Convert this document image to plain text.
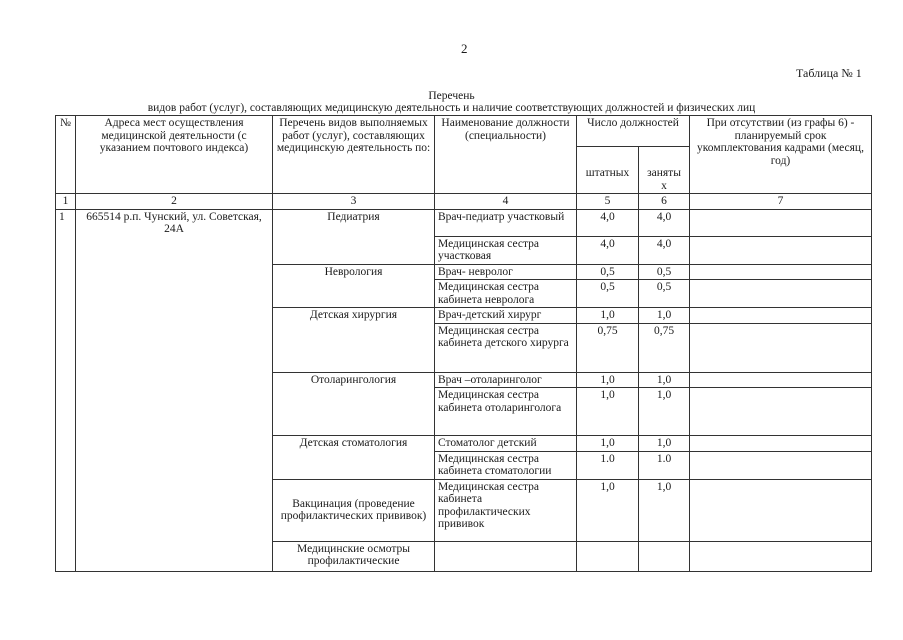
2
Таблица № 1
Перечень
видов работ (услуг), составляющих медицинскую деятельность и наличие соответствующих должностей и физических лиц
№	Адреса мест осуществления медицинской деятельности (с указанием почтового индекса)	Перечень видов выполняемых работ (услуг), составляющих медицинскую деятельность по:	Наименование должности (специальности)	Число должностей		При отсутствии (из графы 6) - планируемый срок укомплектования кадрами (месяц, год)
				штатных	заняты
х	
1	2	3	4	5	6	7
1	665514 р.п. Чунский, ул. Советская, 24А	Педиатрия	Врач-педиатр участковый	4,0	4,0	
			Медицинская сестра участковая	4,0	4,0	
		Неврология	Врач- невролог	0,5	0,5	
			Медицинская сестра кабинета невролога	0,5	0,5	
		Детская хирургия	Врач-детский хирург	1,0	1,0	
			Медицинская сестра кабинета детского хирурга	0,75	0,75	
		Отоларингология	Врач –отоларинголог	1,0	1,0	
			Медицинская сестра кабинета отоларинголога	1,0	1,0	
		Детская стоматология	Стоматолог детский	1,0	1,0	
			Медицинская сестра кабинета стоматологии	1.0	1.0	
		Вакцинация (проведение профилактических прививок)	Медицинская сестра кабинета профилактических прививок	1,0	1,0	
		Медицинские осмотры профилактические				
